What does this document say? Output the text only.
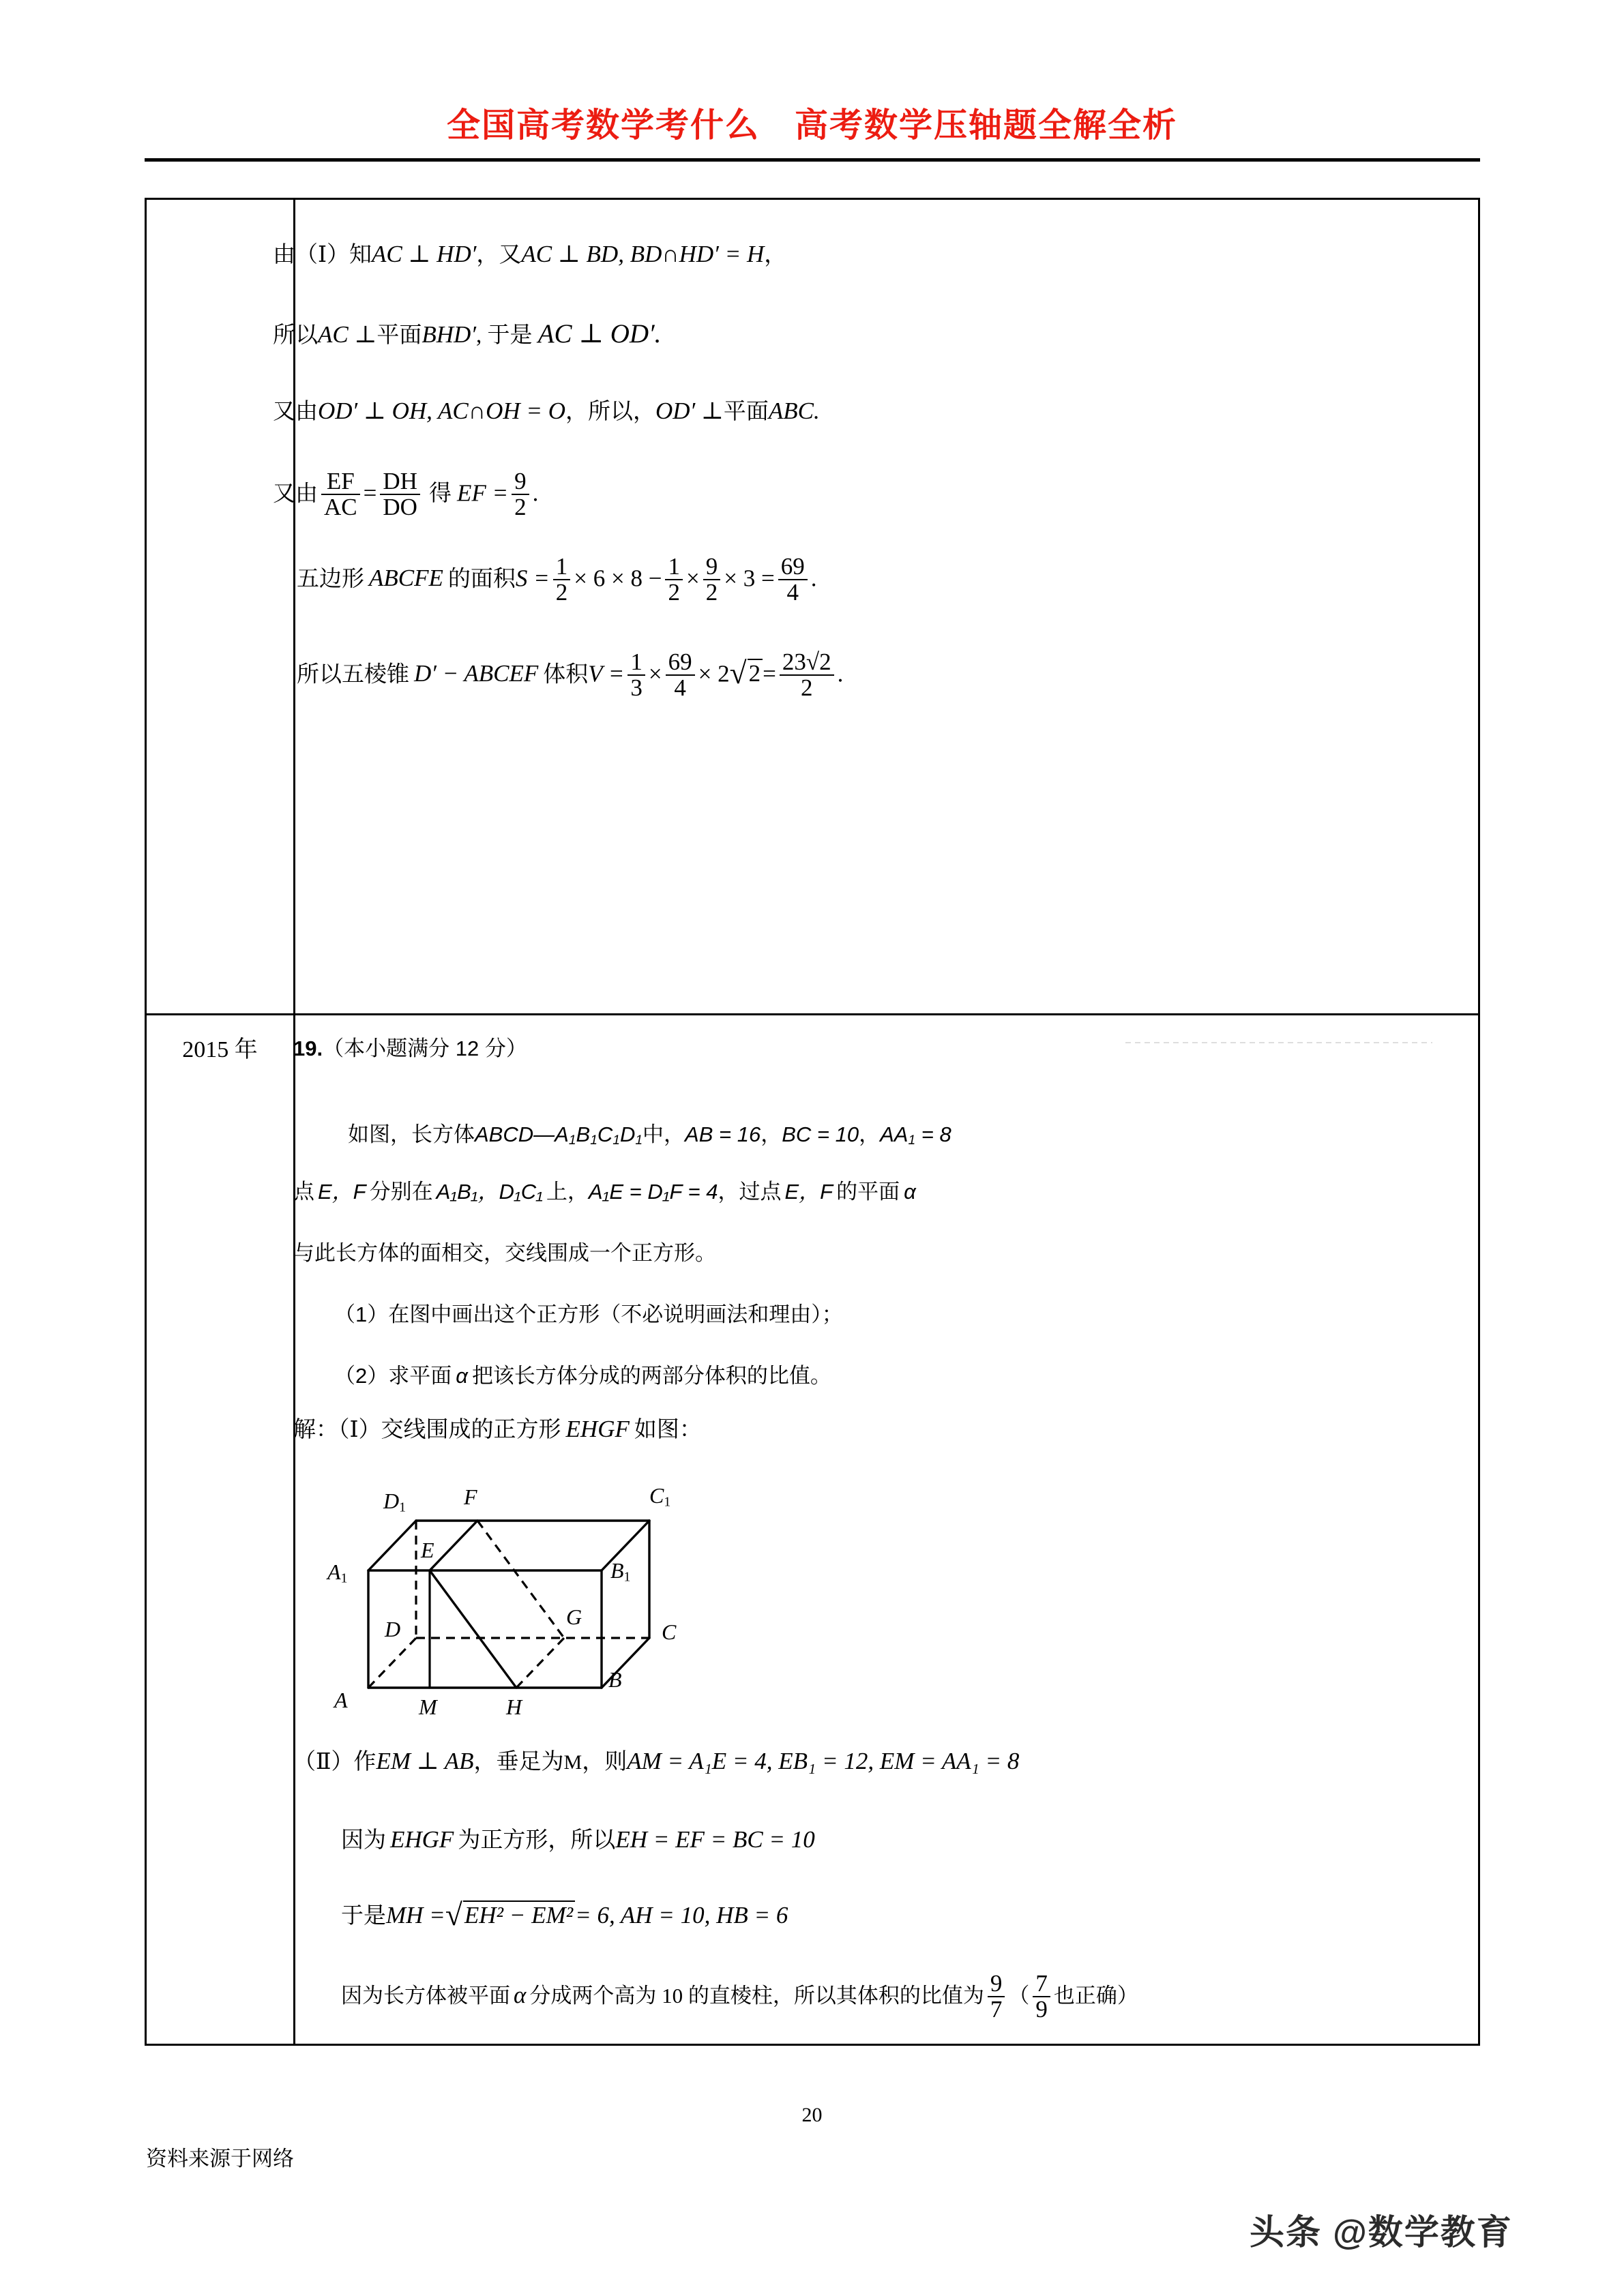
全国高考数学考什么　高考数学压轴题全解全析
2015 年
由（Ⅰ）知AC ⊥ HD′，又AC ⊥ BD, BD∩HD′ = H，
所以AC ⊥平面BHD′, 于是 AC ⊥ OD′.
又由OD′ ⊥ OH, AC∩OH = O，所以，OD′ ⊥平面ABC.
又由 $\frac{EF}{AC} = \frac{DH}{DO}$ 得 EF = $\frac{9}{2}$ .
五边形 ABCFE 的面积$S = \frac{1}{2} \times 6 \times 8 - \frac{1}{2} \times \frac{9}{2} \times 3 = \frac{69}{4}$ .
所以五棱锥 D′ − ABCEF 体积$V = \frac{1}{3} \times \frac{69}{4} \times 2$ √ $2= \frac{23√2}{2}$ .
19.（本小题满分 12 分）
如图，长方体$ABCD—A_1B_1C_1D_1$中，AB = 16，BC = 10，$AA_1 = 8$
点 E，F 分别在 A₁B₁，D₁C₁ 上，A₁E = D₁F = 4，过点 E，F 的平面 α
与此长方体的面相交，交线围成一个正方形。
（1）在图中画出这个正方形（不必说明画法和理由）；
（2）求平面 α 把该长方体分成的两部分体积的比值。
解：（Ⅰ）交线围成的正方形 EHGF 如图：
$D_1$	F	$C_1$
E
$A_1$	$B_1$
D	G
C
A	M	H
B
（Ⅱ）作EM ⊥ AB，垂足为M，则AM = A₁E = 4, EB₁ = 12, EM = AA₁ = 8
因为 EHGF 为正方形，所以EH = EF = BC = 10
于是MH = √ EH² − EM²= 6, AH = 10, HB = 6
因为长方体被平面 α 分成两个高为 10 的直棱柱，所以其体积的比值为 $\frac{9}{7}$ （ $\frac{7}{9}$ 也正确）
20
资料来源于网络
头条 @数学教育
